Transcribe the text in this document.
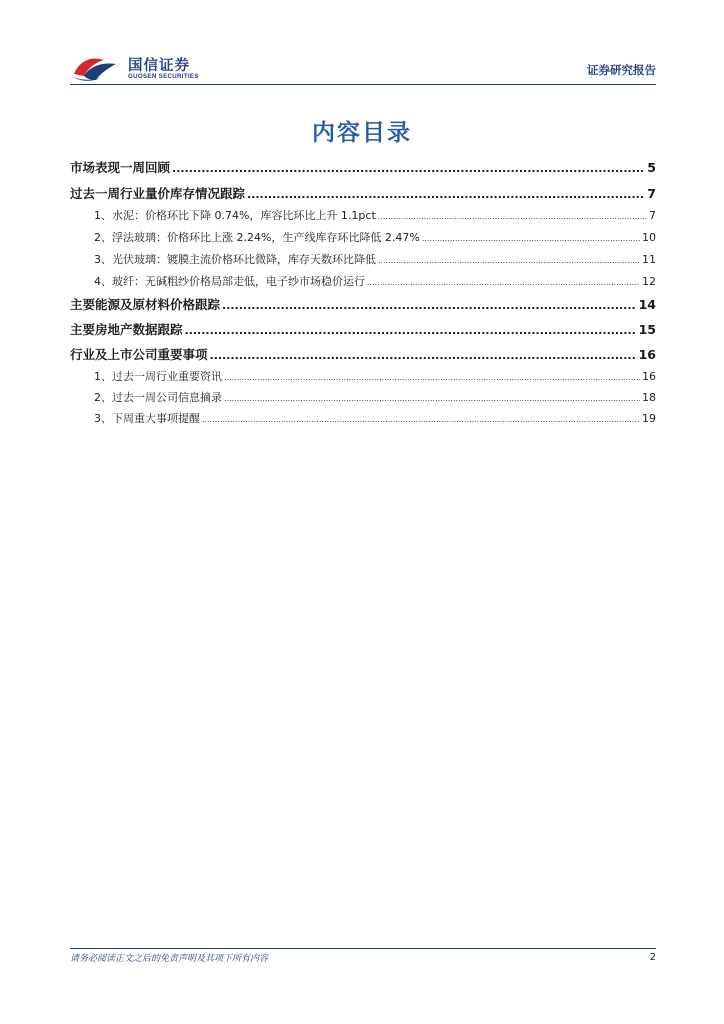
国信证券
GUOSEN SECURITIES	证券研究报告
内容目录
市场表现一周回顾 .....	5
过去一周行业量价库存情况跟踪 .....	7
1、水泥：价格环比下降 0.74%，库容比环比上升 1.1pct .....	7
2、浮法玻璃：价格环比上涨 2.24%，生产线库存环比降低 2.47% .....	10
3、光伏玻璃：镀膜主流价格环比微降，库存天数环比降低 .....	11
4、玻纤：无碱粗纱价格局部走低，电子纱市场稳价运行 .....	12
主要能源及原材料价格跟踪 .....	14
主要房地产数据跟踪 .....	15
行业及上市公司重要事项 .....	16
1、过去一周行业重要资讯 .....	16
2、过去一周公司信息摘录 .....	18
3、下周重大事项提醒 .....	19
请务必阅读正文之后的免责声明及其项下所有内容	2
